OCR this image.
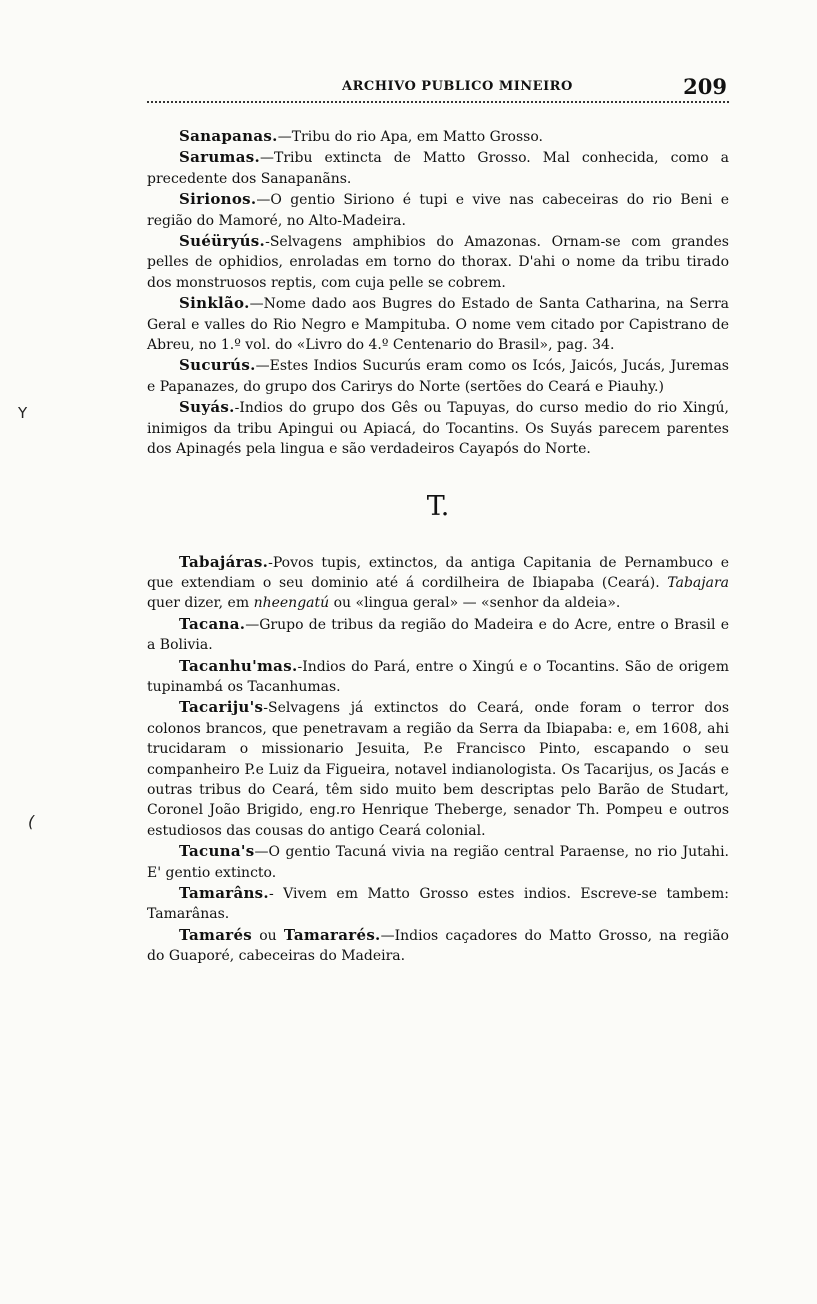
ARCHIVO PUBLICO MINEIRO	209
Y
(

Sanapanas.—Tribu do rio Apa, em Matto Grosso.

Sarumas.—Tribu extincta de Matto Grosso. Mal conhecida, como a precedente dos Sanapanãns.

Sirionos.—O gentio Siriono é tupi e vive nas cabeceiras do rio Beni e região do Mamoré, no Alto-Madeira.

Suéüryús.-Selvagens amphibios do Amazonas. Ornam-se com grandes pelles de ophidios, enroladas em torno do thorax. D'ahi o nome da tribu tirado dos monstruosos reptis, com cuja pelle se cobrem.

Sinklão.—Nome dado aos Bugres do Estado de Santa Catharina, na Serra Geral e valles do Rio Negro e Mampituba. O nome vem citado por Capistrano de Abreu, no 1.º vol. do «Livro do 4.º Centenario do Brasil», pag. 34.

Sucurús.—Estes Indios Sucurús eram como os Icós, Jaicós, Jucás, Juremas e Papanazes, do grupo dos Carirys do Norte (sertões do Ceará e Piauhy.)

Suyás.-Indios do grupo dos Gês ou Tapuyas, do curso medio do rio Xingú, inimigos da tribu Apingui ou Apiacá, do Tocantins. Os Suyás parecem parentes dos Apinagés pela lingua e são verdadeiros Cayapós do Norte.

T.

Tabajáras.-Povos tupis, extinctos, da antiga Capitania de Pernambuco e que extendiam o seu dominio até á cordilheira de Ibiapaba (Ceará). Tabajara quer dizer, em nheengatú ou «lingua geral» — «senhor da aldeia».

Tacana.—Grupo de tribus da região do Madeira e do Acre, entre o Brasil e a Bolivia.

Tacanhu'mas.-Indios do Pará, entre o Xingú e o Tocantins. São de origem tupinambá os Tacanhumas.

Tacariju's-Selvagens já extinctos do Ceará, onde foram o terror dos colonos brancos, que penetravam a região da Serra da Ibiapaba: e, em 1608, ahi trucidaram o missionario Jesuita, P.e Francisco Pinto, escapando o seu companheiro P.e Luiz da Figueira, notavel indianologista. Os Tacarijus, os Jacás e outras tribus do Ceará, têm sido muito bem descriptas pelo Barão de Studart, Coronel João Brigido, eng.ro Henrique Theberge, senador Th. Pompeu e outros estudiosos das cousas do antigo Ceará colonial.

Tacuna's—O gentio Tacuná vivia na região central Paraense, no rio Jutahi. E' gentio extincto.

Tamarâns.- Vivem em Matto Grosso estes indios. Escreve-se tambem: Tamarânas.

Tamarés ou Tamararés.—Indios caçadores do Matto Grosso, na região do Guaporé, cabeceiras do Madeira.
